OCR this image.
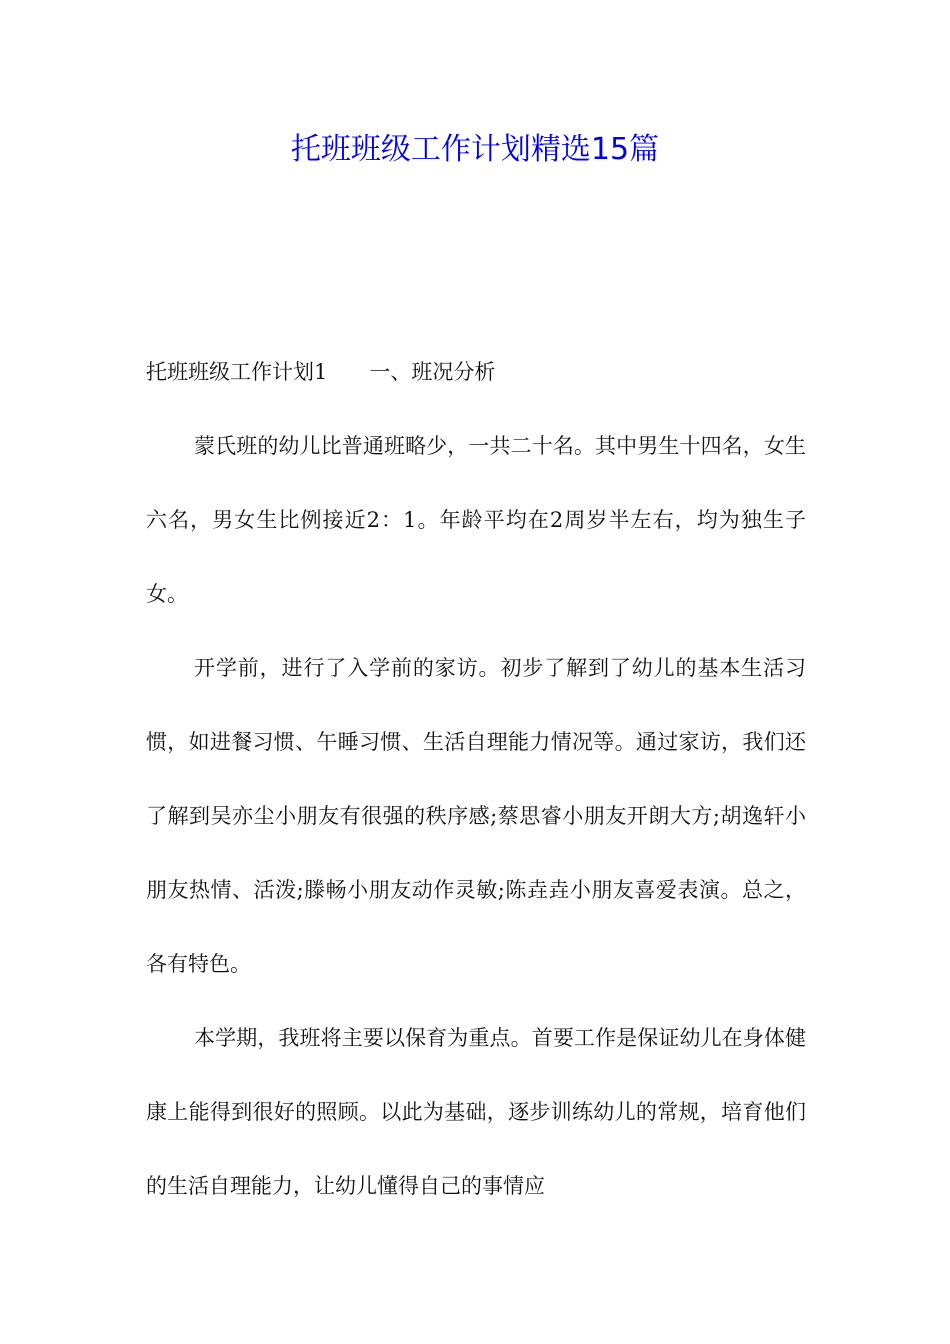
托班班级工作计划精选15篇

托班班级工作计划1　　一、班况分析

蒙氏班的幼儿比普通班略少，一共二十名。其中男生十四名，女生六名，男女生比例接近2：1。年龄平均在2周岁半左右，均为独生子女。

开学前，进行了入学前的家访。初步了解到了幼儿的基本生活习惯，如进餐习惯、午睡习惯、生活自理能力情况等。通过家访，我们还了解到吴亦尘小朋友有很强的秩序感;蔡思睿小朋友开朗大方;胡逸轩小朋友热情、活泼;滕畅小朋友动作灵敏;陈垚垚小朋友喜爱表演。总之，各有特色。

本学期，我班将主要以保育为重点。首要工作是保证幼儿在身体健康上能得到很好的照顾。以此为基础，逐步训练幼儿的常规，培育他们的生活自理能力，让幼儿懂得自己的事情应
